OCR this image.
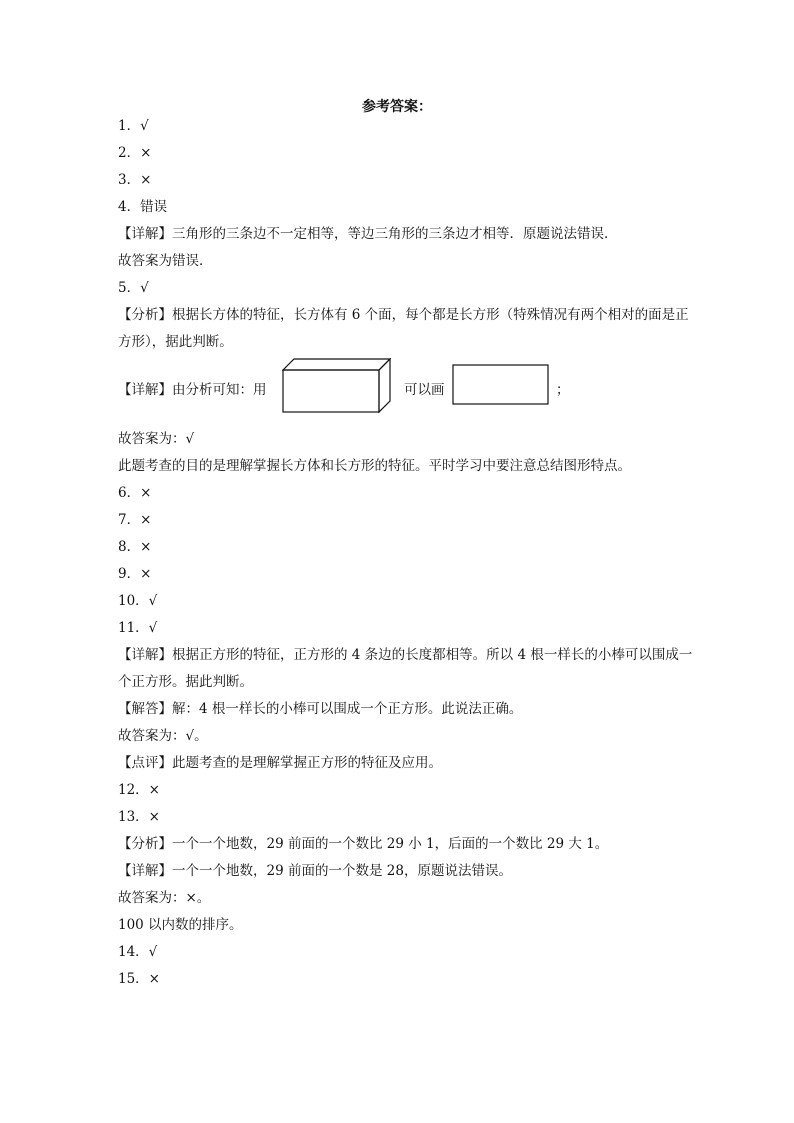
参考答案：
1．√
2．×
3．×
4．错误
【详解】三角形的三条边不一定相等，等边三角形的三条边才相等．原题说法错误．
故答案为错误．
5．√
【分析】根据长方体的特征，长方体有 6 个面，每个都是长方形（特殊情况有两个相对的面是正方形），据此判断。
【详解】由分析可知：用	可以画	；
故答案为：√
此题考查的目的是理解掌握长方体和长方形的特征。平时学习中要注意总结图形特点。
6．×
7．×
8．×
9．×
10．√
11．√
【详解】根据正方形的特征，正方形的 4 条边的长度都相等。所以 4 根一样长的小棒可以围成一个正方形。据此判断。
【解答】解：4 根一样长的小棒可以围成一个正方形。此说法正确。
故答案为：√。
【点评】此题考查的是理解掌握正方形的特征及应用。
12．×
13．×
【分析】一个一个地数，29 前面的一个数比 29 小 1，后面的一个数比 29 大 1。
【详解】一个一个地数，29 前面的一个数是 28，原题说法错误。
故答案为：×。
100 以内数的排序。
14．√
15．×
